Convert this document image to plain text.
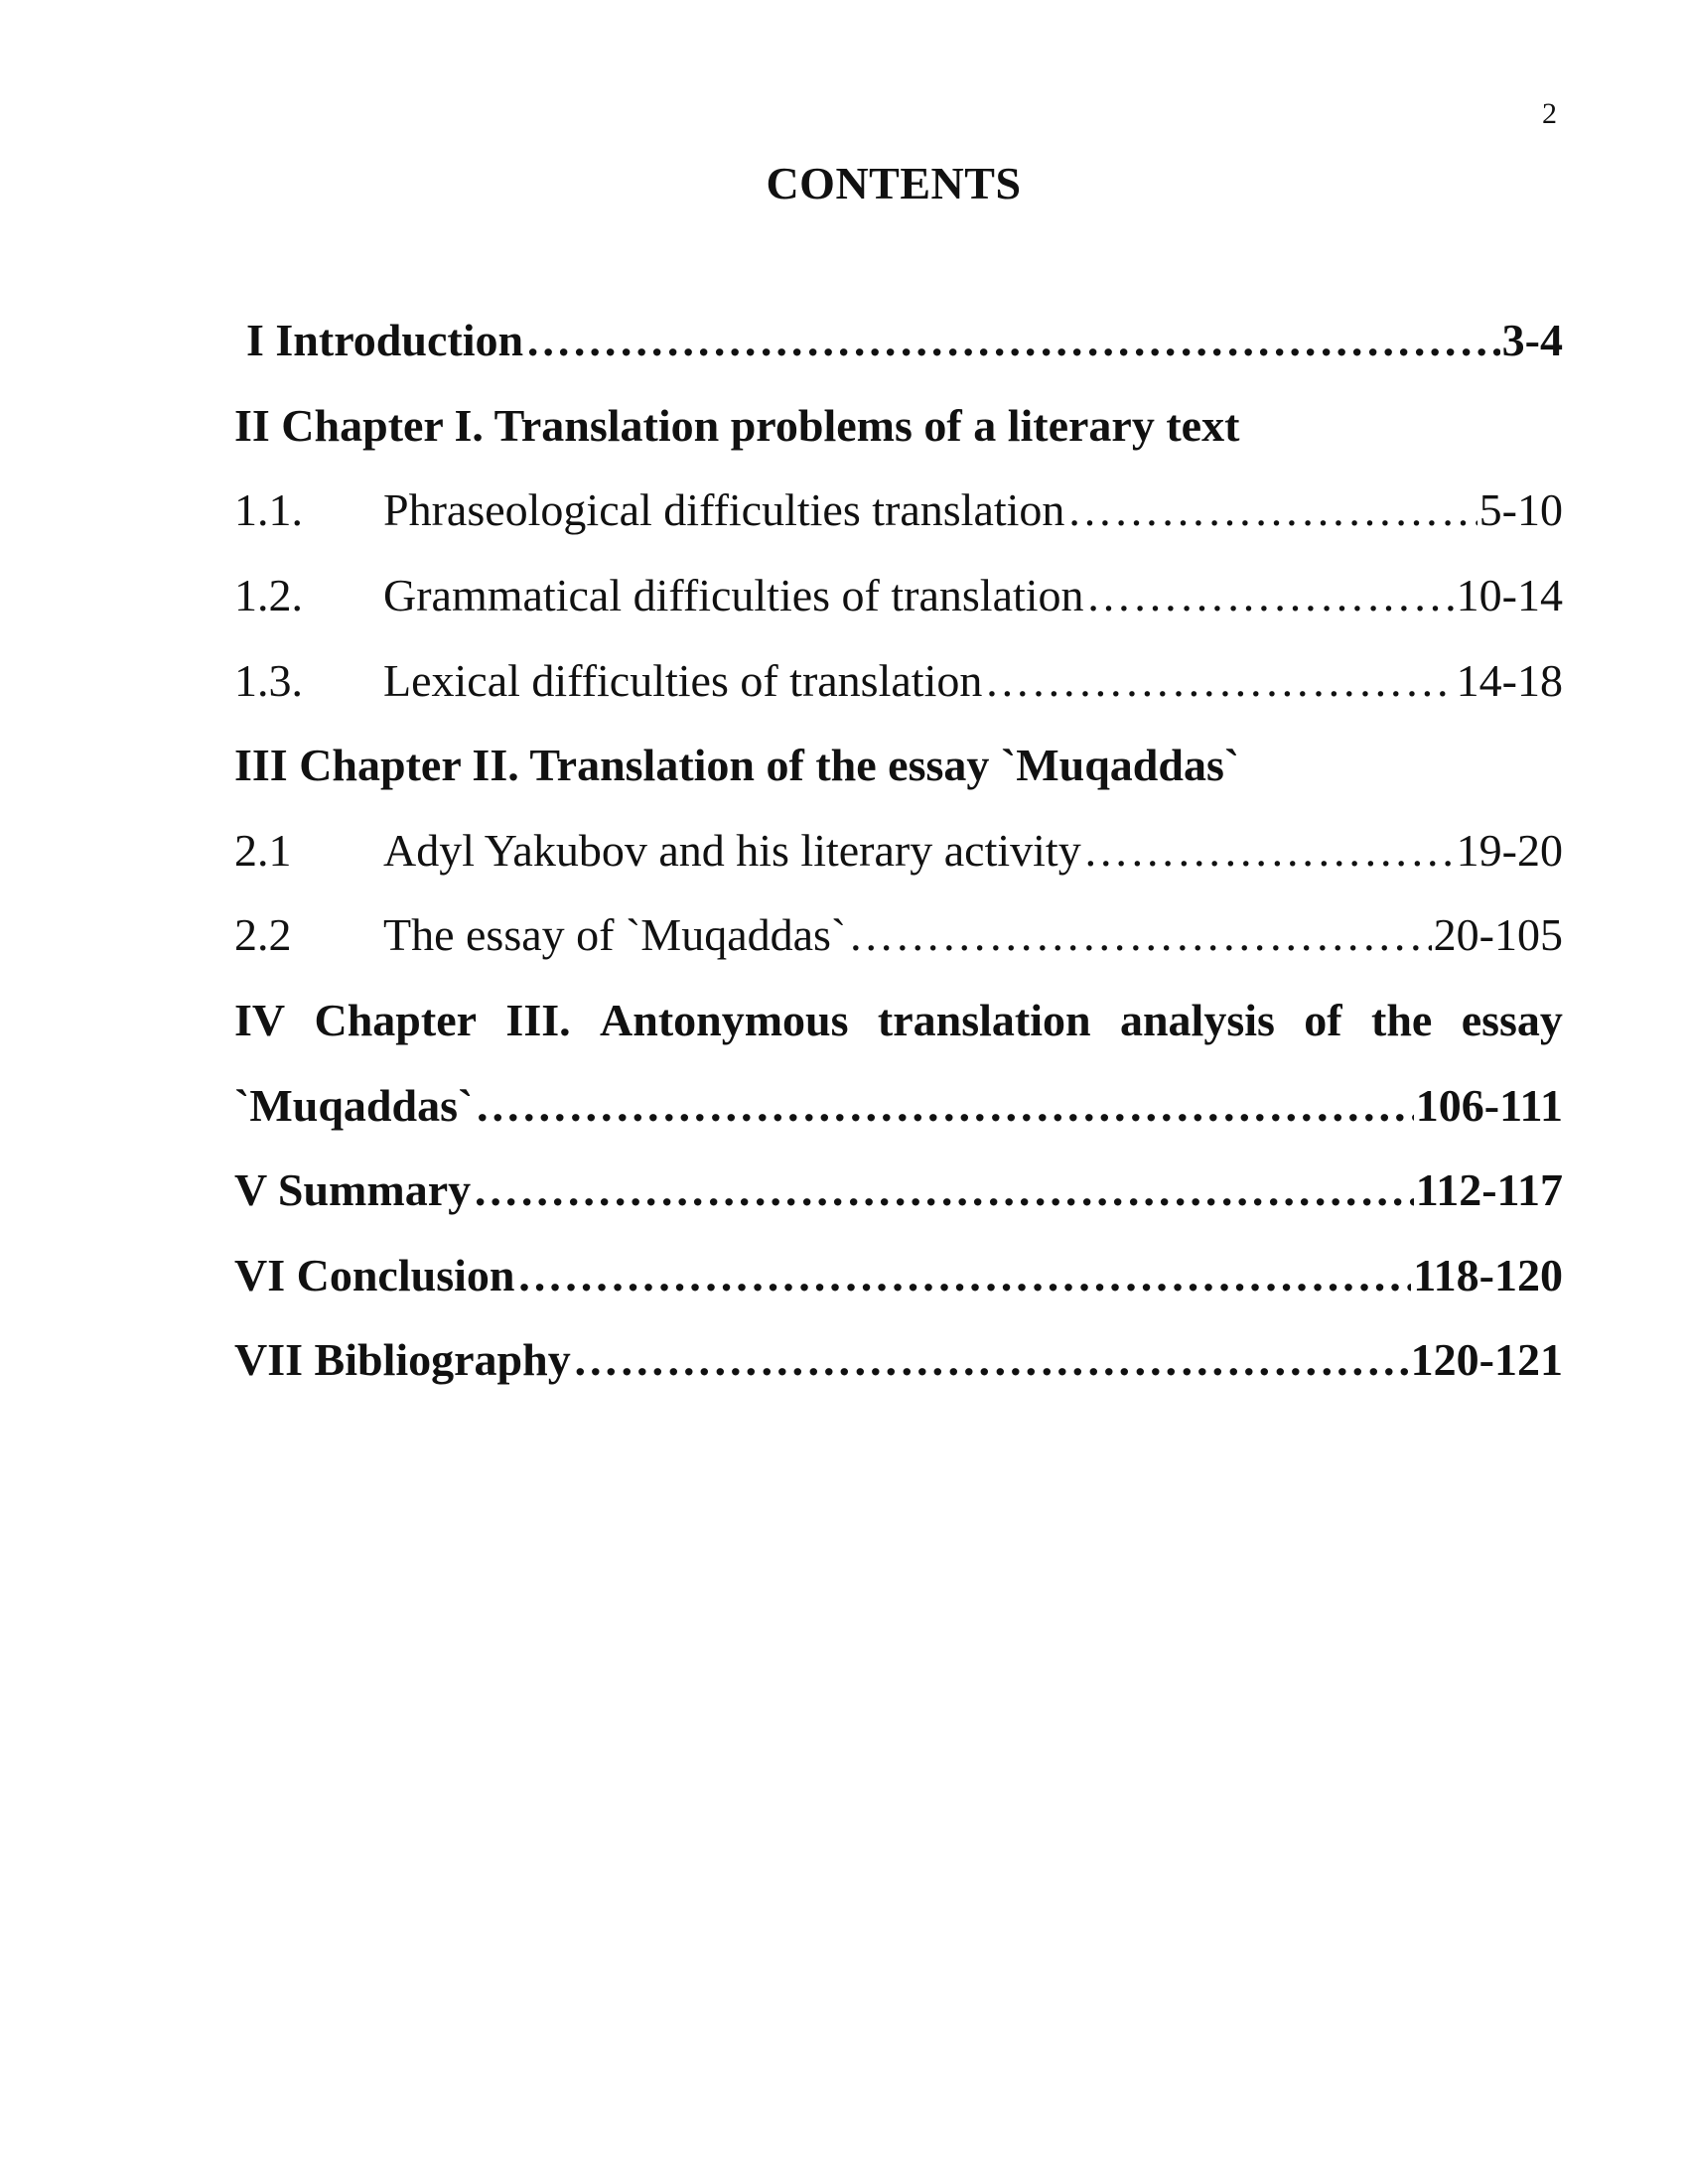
2
CONTENTS
I Introduction …………………………………………………………………………………………………………………………	3-4
II Chapter I. Translation problems of a literary text
1.1.	Phraseological difficulties translation …………………………………………………………………………………………………………………………	5-10
1.2.	Grammatical difficulties of translation …………………………………………………………………………………………………………………………	10-14
1.3.	Lexical difficulties of translation …………………………………………………………………………………………………………………………	14-18
III Chapter II. Translation of the essay `Muqaddas`
2.1	Adyl Yakubov and his literary activity …………………………………………………………………………………………………………………………	19-20
2.2	The essay of `Muqaddas` …………………………………………………………………………………………………………………………	20-105
IV Chapter III. Antonymous translation analysis of the essay
`Muqaddas` …………………………………………………………………………………………………………………………	106-111
V Summary …………………………………………………………………………………………………………………………	112-117
VI Conclusion …………………………………………………………………………………………………………………………	118-120
VII Bibliography …………………………………………………………………………………………………………………………	120-121
